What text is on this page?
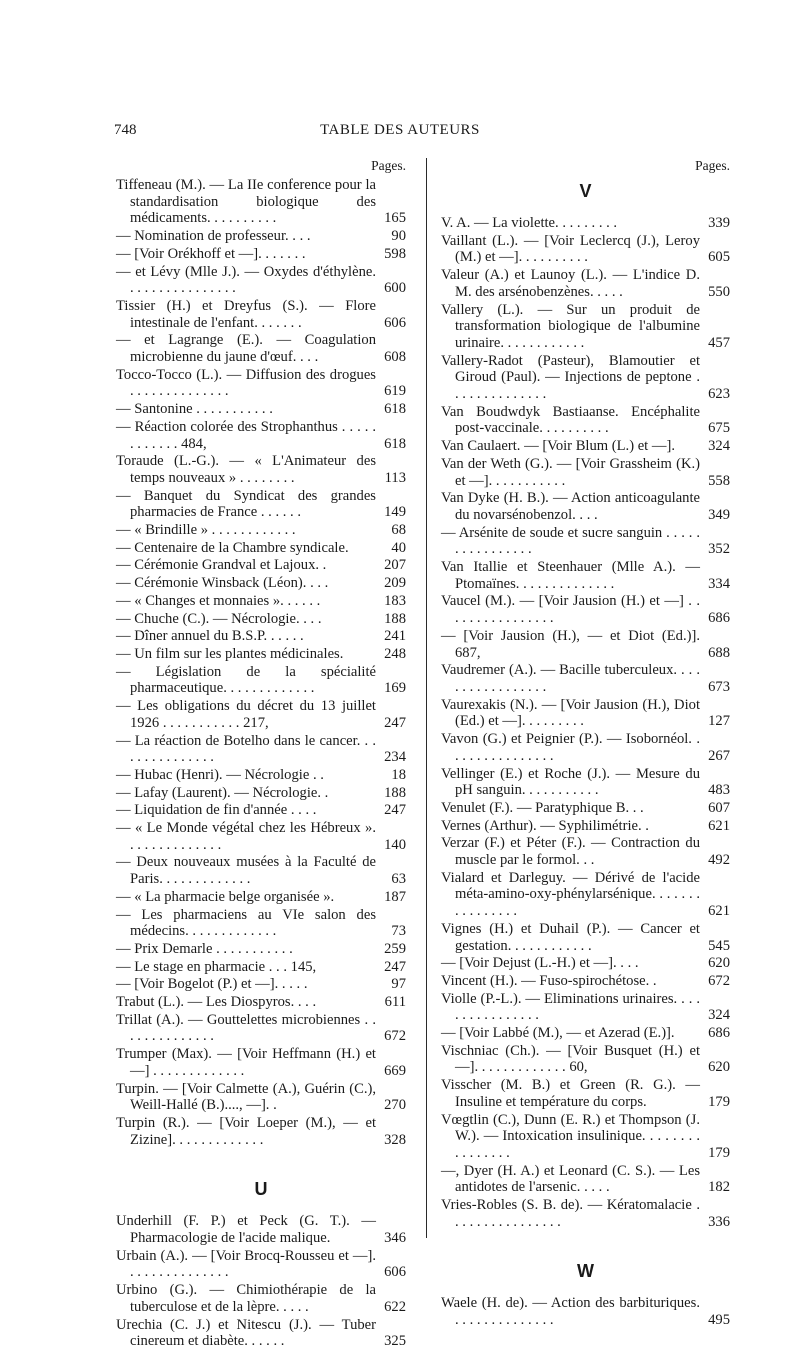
748	TABLE DES AUTEURS
Pages.
Tiffeneau (M.). — La IIe conference pour la standardisation biologique des médicaments. . . . . . . . . .	165
— Nomination de professeur. . . .	90
— [Voir Orékhoff et —]. . . . . . .	598
— et Lévy (Mlle J.). — Oxydes d'éthylène. . . . . . . . . . . . . . . .	600
Tissier (H.) et Dreyfus (S.). — Flore intestinale de l'enfant. . . . . . .	606
— et Lagrange (E.). — Coagulation microbienne du jaune d'œuf. . . .	608
Tocco-Tocco (L.). — Diffusion des drogues . . . . . . . . . . . . . .	619
— Santonine . . . . . . . . . . .	618
— Réaction colorée des Strophanthus . . . . . . . . . . . . 484,	618
Toraude (L.-G.). — « L'Animateur des temps nouveaux » . . . . . . . .	113
— Banquet du Syndicat des grandes pharmacies de France . . . . . .	149
— « Brindille » . . . . . . . . . . . .	68
— Centenaire de la Chambre syndicale.	40
— Cérémonie Grandval et Lajoux. .	207
— Cérémonie Winsback (Léon). . . .	209
— « Changes et monnaies ». . . . . .	183
— Chuche (C.). — Nécrologie. . . .	188
— Dîner annuel du B.S.P. . . . . .	241
— Un film sur les plantes médicinales.	248
— Législation de la spécialité pharmaceutique. . . . . . . . . . . . .	169
— Les obligations du décret du 13 juillet 1926 . . . . . . . . . . . 217,	247
— La réaction de Botelho dans le cancer. . . . . . . . . . . . . . .	234
— Hubac (Henri). — Nécrologie . .	18
— Lafay (Laurent). — Nécrologie. .	188
— Liquidation de fin d'année . . . .	247
— « Le Monde végétal chez les Hébreux ». . . . . . . . . . . . . .	140
— Deux nouveaux musées à la Faculté de Paris. . . . . . . . . . . . .	63
— « La pharmacie belge organisée ».	187
— Les pharmaciens au VIe salon des médecins. . . . . . . . . . . . .	73
— Prix Demarle . . . . . . . . . . .	259
— Le stage en pharmacie . . . 145,	247
— [Voir Bogelot (P.) et —]. . . . .	97
Trabut (L.). — Les Diospyros. . . .	611
Trillat (A.). — Gouttelettes microbiennes . . . . . . . . . . . . . .	672
Trumper (Max). — [Voir Heffmann (H.) et —] . . . . . . . . . . . . .	669
Turpin. — [Voir Calmette (A.), Guérin (C.), Weill-Hallé (B.)...., —]. .	270
Turpin (R.). — [Voir Loeper (M.), — et Zizine]. . . . . . . . . . . . .	328
U
Underhill (F. P.) et Peck (G. T.). — Pharmacologie de l'acide malique.	346
Urbain (A.). — [Voir Brocq-Rousseu et —]. . . . . . . . . . . . . . .	606
Urbino (G.). — Chimiothérapie de la tuberculose et de la lèpre. . . . .	622
Urechia (C. J.) et Nitescu (J.). — Tuber cinereum et diabète. . . . . .	325
Pages.
V
V. A. — La violette. . . . . . . . .	339
Vaillant (L.). — [Voir Leclercq (J.), Leroy (M.) et —]. . . . . . . . . .	605
Valeur (A.) et Launoy (L.). — L'indice D. M. des arsénobenzènes. . . . .	550
Vallery (L.). — Sur un produit de transformation biologique de l'albumine urinaire. . . . . . . . . . . .	457
Vallery-Radot (Pasteur), Blamoutier et Giroud (Paul). — Injections de peptone . . . . . . . . . . . . . .	623
Van Boudwdyk Bastiaanse. Encéphalite post-vaccinale. . . . . . . . . .	675
Van Caulaert. — [Voir Blum (L.) et —]. 324
Van der Weth (G.). — [Voir Grassheim (K.) et —]. . . . . . . . . . .	558
Van Dyke (H. B.). — Action anticoagulante du novarsénobenzol. . . .	349
— Arsénite de soude et sucre sanguin . . . . . . . . . . . . . . . .	352
Van Itallie et Steenhauer (Mlle A.). — Ptomaïnes. . . . . . . . . . . . . .	334
Vaucel (M.). — [Voir Jausion (H.) et —] . . . . . . . . . . . . . . . .	686
— [Voir Jausion (H.), — et Diot (Ed.)]. 687,	688
Vaudremer (A.). — Bacille tuberculeux. . . . . . . . . . . . . . . . .	673
Vaurexakis (N.). — [Voir Jausion (H.), Diot (Ed.) et —]. . . . . . . . .	127
Vavon (G.) et Peignier (P.). — Isobornéol. . . . . . . . . . . . . . . .	267
Vellinger (E.) et Roche (J.). — Mesure du pH sanguin. . . . . . . . . . .	483
Venulet (F.). — Paratyphique B. . .	607
Vernes (Arthur). — Syphilimétrie. .	621
Verzar (F.) et Péter (F.). — Contraction du muscle par le formol. . .	492
Vialard et Darleguy. — Dérivé de l'acide méta-amino-oxy-phénylarsénique. . . . . . . . . . . . . . . .	621
Vignes (H.) et Duhail (P.). — Cancer et gestation. . . . . . . . . . . .	545
— [Voir Dejust (L.-H.) et —]. . . .	620
Vincent (H.). — Fuso-spirochétose. .	672
Violle (P.-L.). — Eliminations urinaires. . . . . . . . . . . . . . . .	324
— [Voir Labbé (M.), — et Azerad (E.)]. 686
Vischniac (Ch.). — [Voir Busquet (H.) et —]. . . . . . . . . . . . . 60,	620
Visscher (M. B.) et Green (R. G.). — Insuline et température du corps.	179
Vœgtlin (C.), Dunn (E. R.) et Thompson (J. W.). — Intoxication insulinique. . . . . . . . . . . . . . . .	179
—, Dyer (H. A.) et Leonard (C. S.). — Les antidotes de l'arsenic. . . . .	182
Vries-Robles (S. B. de). — Kératomalacie . . . . . . . . . . . . . . . .	336
W
Waele (H. de). — Action des barbituriques. . . . . . . . . . . . . . .	495
